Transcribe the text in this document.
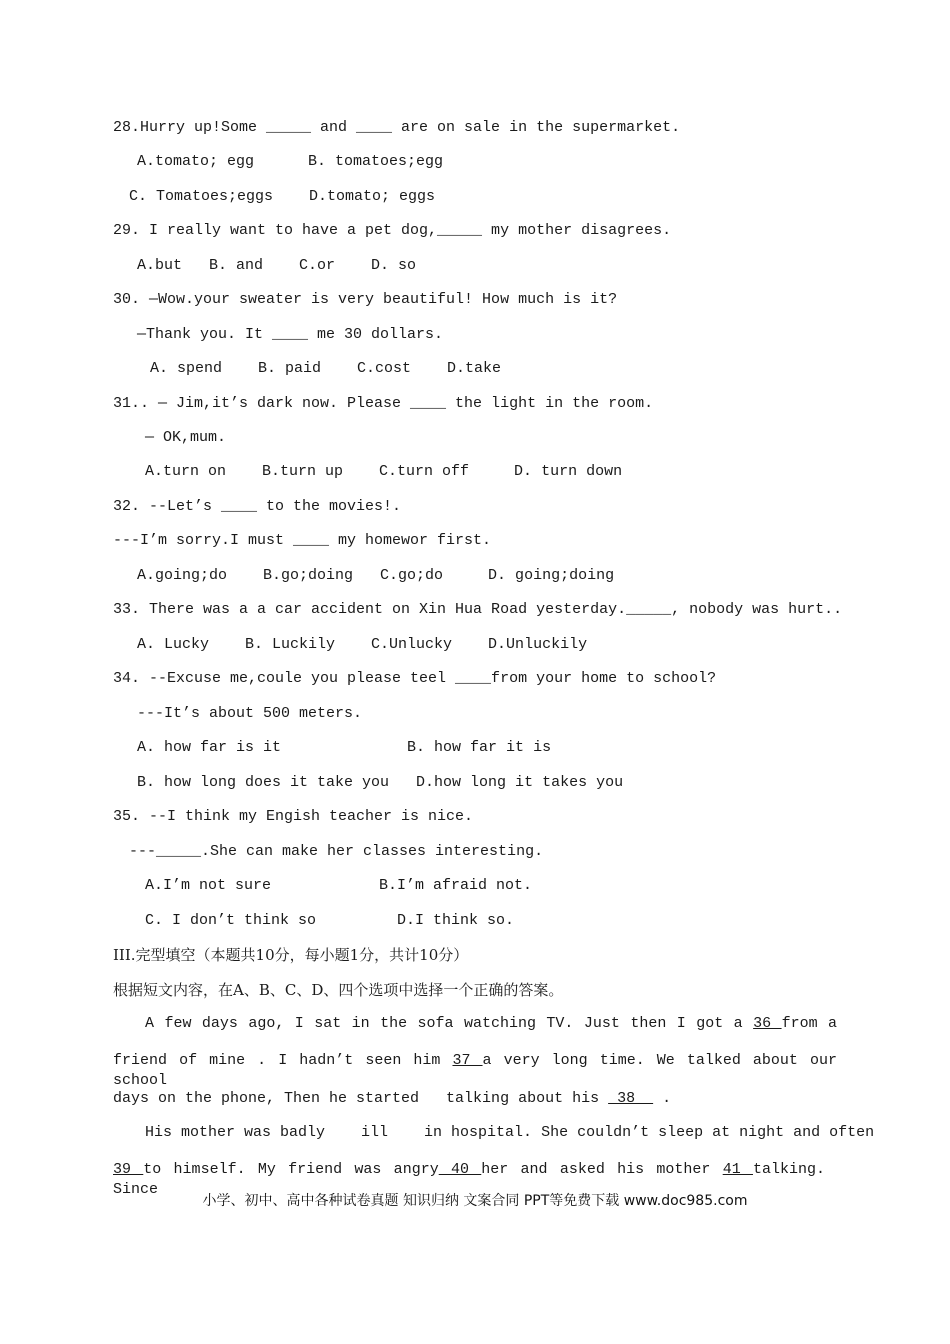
28.Hurry up!Some _____ and ____ are on sale in the supermarket.
A.tomato; egg      B. tomatoes;egg
C. Tomatoes;eggs    D.tomato; eggs
29. I really want to have a pet dog,_____ my mother disagrees.
A.but   B. and    C.or    D. so
30. —Wow.your sweater is very beautiful! How much is it?
—Thank you. It ____ me 30 dollars.
A. spend    B. paid    C.cost    D.take
31.. — Jim,it’s dark now. Please ____ the light in the room.
— OK,mum.
A.turn on    B.turn up    C.turn off     D. turn down
32. --Let’s ____ to the movies!.
---I’m sorry.I must ____ my homewor first.
A.going;do    B.go;doing   C.go;do     D. going;doing
33. There was a a car accident on Xin Hua Road yesterday._____, nobody was hurt..
A. Lucky    B. Luckily    C.Unlucky    D.Unluckily
34. --Excuse me,coule you please teel ____from your home to school?
---It’s about 500 meters.
A. how far is it              B. how far it is
B. how long does it take you   D.how long it takes you
35. --I think my Engish teacher is nice.
---_____.She can make her classes interesting.
A.I’m not sure            B.I’m afraid not.
C. I don’t think so         D.I think so.
III.完型填空（本题共10分，每小题1分，共计10分）
根据短文内容，在A、B、C、D、四个选项中选择一个正确的答案。
A few days ago, I sat in the sofa watching TV. Just then I got a 36 from a
friend of mine . I hadn’t seen him 37 a very long time. We talked about our school
days on the phone, Then he started   talking about his  38   .
His mother was badly    ill    in hospital. She couldn’t sleep at night and often
39 to himself. My friend was angry 40 her and asked his mother 41 talking. Since
小学、初中、高中各种试卷真题 知识归纳 文案合同 PPT等免费下载 www.doc985.com
